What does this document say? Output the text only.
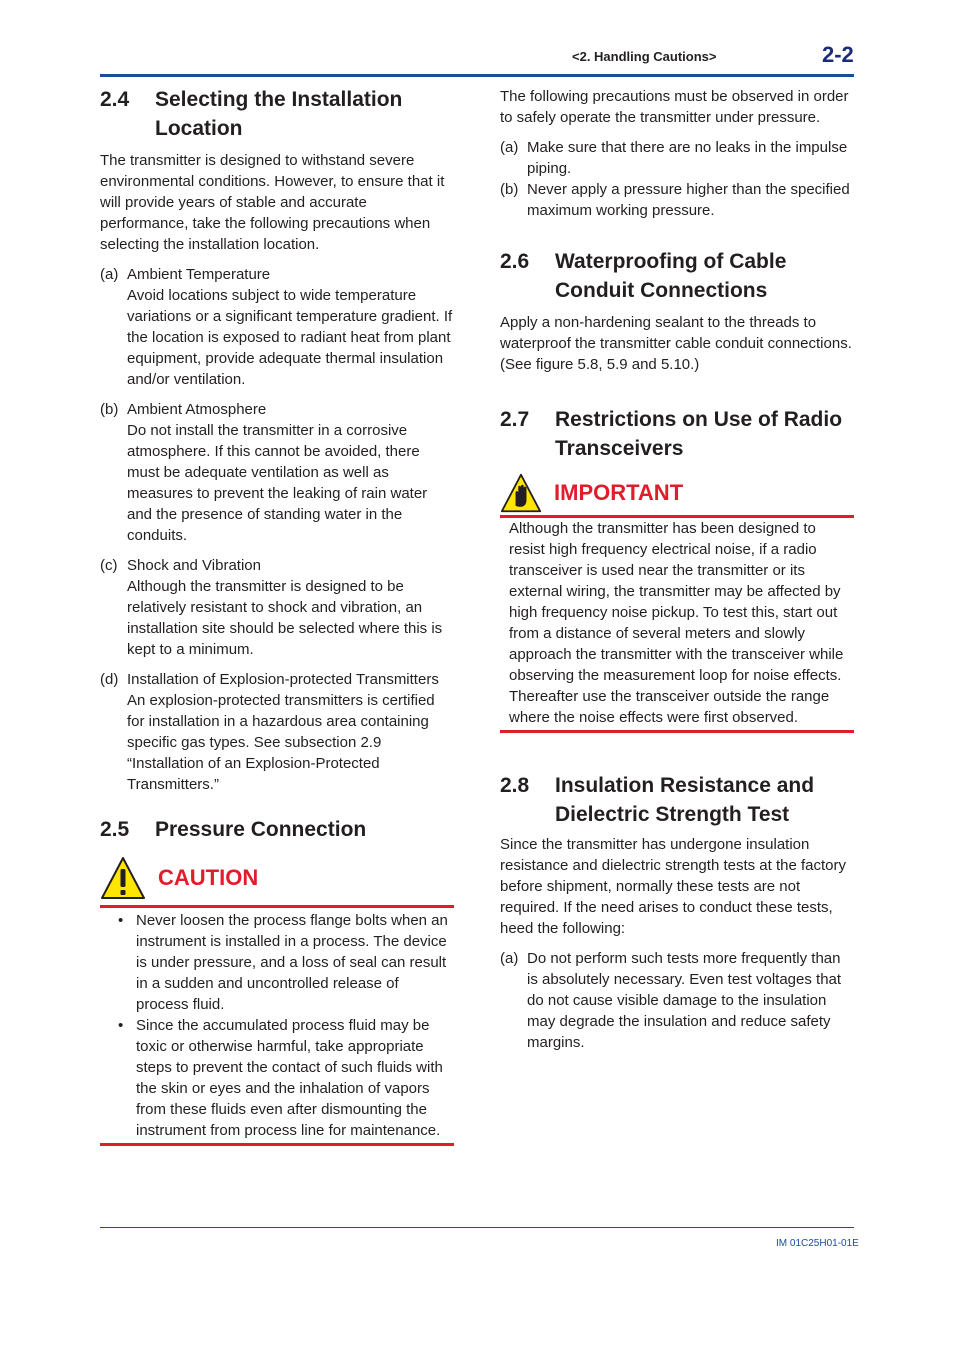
<2. Handling Cautions>	2-2
2.4	Selecting the Installation Location

The transmitter is designed to withstand severe environmental conditions. However, to ensure that it will provide years of stable and accurate performance, take the following precautions when selecting the installation location.

(a) Ambient Temperature
Avoid locations subject to wide temperature variations or a significant temperature gradient. If the location is exposed to radiant heat from plant equipment, provide adequate thermal insulation and/or ventilation.
(b) Ambient Atmosphere
Do not install the transmitter in a corrosive atmosphere. If this cannot be avoided, there must be adequate ventilation as well as measures to prevent the leaking of rain water and the presence of standing water in the conduits.
(c) Shock and Vibration
Although the transmitter is designed to be relatively resistant to shock and vibration, an installation site should be selected where this is kept to a minimum.
(d) Installation of Explosion-protected Transmitters
An explosion-protected transmitters is certified for installation in a hazardous area containing specific gas types. See subsection 2.9 “Installation of an Explosion-Protected Transmitters.”
2.5	Pressure Connection
CAUTION
• Never loosen the process flange bolts when an instrument is installed in a process. The device is under pressure, and a loss of seal can result in a sudden and uncontrolled release of process fluid.
• Since the accumulated process fluid may be toxic or otherwise harmful, take appropriate steps to prevent the contact of such fluids with the skin or eyes and the inhalation of vapors from these fluids even after dismounting the instrument from process line for maintenance.

The following precautions must be observed in order to safely operate the transmitter under pressure.

(a) Make sure that there are no leaks in the impulse piping.
(b) Never apply a pressure higher than the specified maximum working pressure.
2.6	Waterproofing of Cable Conduit Connections

Apply a non-hardening sealant to the threads to waterproof the transmitter cable conduit connections. (See figure 5.8, 5.9 and 5.10.)

2.7	Restrictions on Use of Radio Transceivers
IMPORTANT

Although the transmitter has been designed to resist high frequency electrical noise, if a radio transceiver is used near the transmitter or its external wiring, the transmitter may be affected by high frequency noise pickup. To test this, start out from a distance of several meters and slowly approach the transmitter with the transceiver while observing the measurement loop for noise effects. Thereafter use the transceiver outside the range where the noise effects were first observed.

2.8	Insulation Resistance and Dielectric Strength Test

Since the transmitter has undergone insulation resistance and dielectric strength tests at the factory before shipment, normally these tests are not required. If the need arises to conduct these tests, heed the following:

(a) Do not perform such tests more frequently than is absolutely necessary. Even test voltages that do not cause visible damage to the insulation may degrade the insulation and reduce safety margins.
IM 01C25H01-01E
